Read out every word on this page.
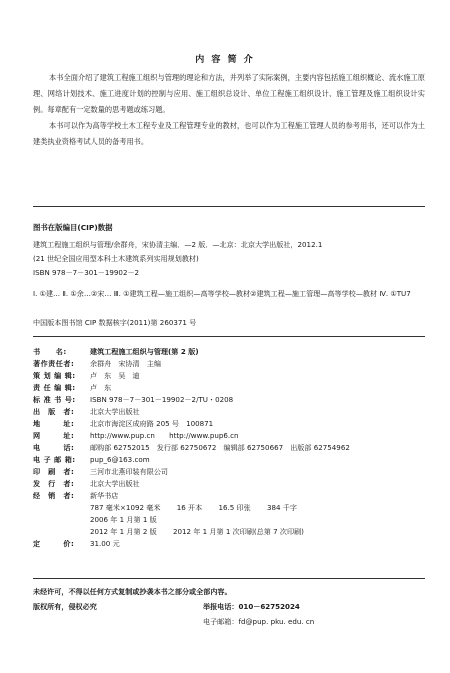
内 容 简 介

本书全面介绍了建筑工程施工组织与管理的理论和方法，并列举了实际案例，主要内容包括施工组织概论、流水施工原理、网络计划技术、施工进度计划的控制与应用、施工组织总设计、单位工程施工组织设计、施工管理及施工组织设计实例。每章配有一定数量的思考题或练习题。

本书可以作为高等学校土木工程专业及工程管理专业的教材，也可以作为工程施工管理人员的参考用书，还可以作为土建类执业资格考试人员的备考用书。

图书在版编目(CIP)数据
建筑工程施工组织与管理/余群舟，宋协清主编．—2 版．—北京：北京大学出版社，2012.1
(21 世纪全国应用型本科土木建筑系列实用规划教材)
ISBN 978－7－301－19902－2
Ⅰ. ①建… Ⅱ. ①余…②宋… Ⅲ. ①建筑工程—施工组织—高等学校—教材②建筑工程—施工管理—高等学校—教材 Ⅳ. ①TU7
中国版本图书馆 CIP 数据核字(2011)第 260371 号
书　　名:	建筑工程施工组织与管理(第 2 版)
著作责任者:	余群舟　宋协清　主编
策 划 编 辑:	卢　东　吴　迪
责 任 编 辑:	卢　东
标 准 书 号:	ISBN 978－7－301－19902－2/TU・0208
出　版　者:	北京大学出版社
地　　　址:	北京市海淀区成府路 205 号　100871
网　　　址:	http://www.pup.cn　　http://www.pup6.cn
电　　　话:	邮购部 62752015　发行部 62750672　编辑部 62750667　出版部 62754962
电 子 邮 箱:	pup_6@163.com
印　刷　者:	三河市北燕印装有限公司
发　行　者:	北京大学出版社
经　销　者:	新华书店
787 毫米×1092 毫米 16 开本 16.5 印张 384 千字
2006 年 1 月第 1 版
2012 年 1 月第 2 版 2012 年 1 月第 1 次印刷(总第 7 次印刷)
定　　　价:	31.00 元
未经许可，不得以任何方式复制或抄袭本书之部分或全部内容。
版权所有，侵权必究	举报电话：010－62752024
电子邮箱：fd@pup. pku. edu. cn
